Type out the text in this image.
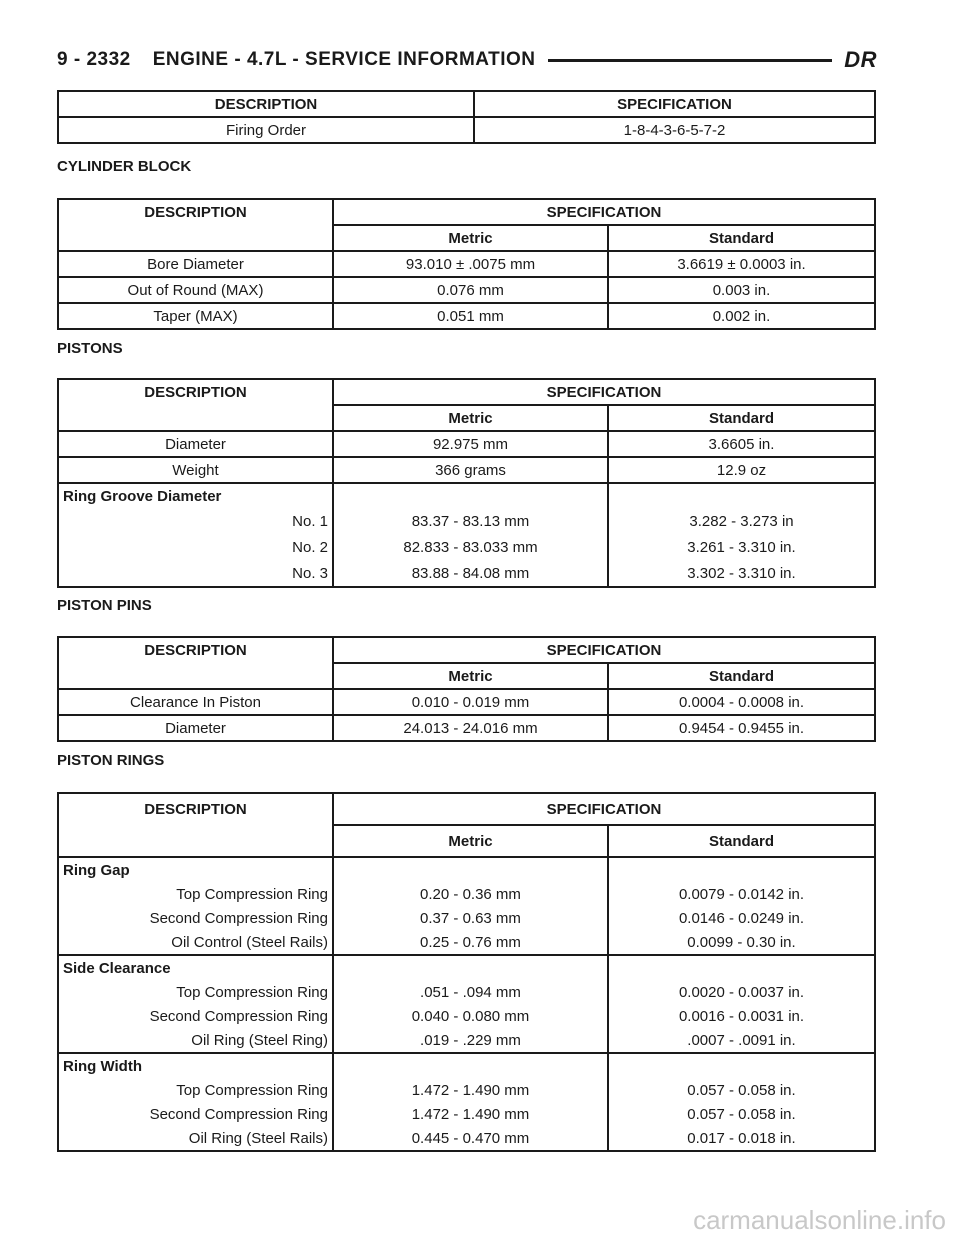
9 - 2332 ENGINE - 4.7L - SERVICE INFORMATION	DR
DESCRIPTION	SPECIFICATION
Firing Order	1-8-4-3-6-5-7-2
CYLINDER BLOCK
DESCRIPTION	SPECIFICATION	
	Metric	Standard
Bore Diameter	93.010 ± .0075 mm	3.6619 ± 0.0003 in.
Out of Round (MAX)	0.076 mm	0.003 in.
Taper (MAX)	0.051 mm	0.002 in.
PISTONS
DESCRIPTION	SPECIFICATION	
	Metric	Standard
Diameter	92.975 mm	3.6605 in.
Weight	366 grams	12.9 oz
Ring Groove Diameter		
No. 1	83.37 - 83.13 mm	3.282 - 3.273 in
No. 2	82.833 - 83.033 mm	3.261 - 3.310 in.
No. 3	83.88 - 84.08 mm	3.302 - 3.310 in.
PISTON PINS
DESCRIPTION	SPECIFICATION	
	Metric	Standard
Clearance In Piston	0.010 - 0.019 mm	0.0004 - 0.0008 in.
Diameter	24.013 - 24.016 mm	0.9454 - 0.9455 in.
PISTON RINGS
DESCRIPTION	SPECIFICATION	
	Metric	Standard
Ring Gap		
Top Compression Ring	0.20 - 0.36 mm	0.0079 - 0.0142 in.
Second Compression Ring	0.37 - 0.63 mm	0.0146 - 0.0249 in.
Oil Control (Steel Rails)	0.25 - 0.76 mm	0.0099 - 0.30 in.
Side Clearance		
Top Compression Ring	.051 - .094 mm	0.0020 - 0.0037 in.
Second Compression Ring	0.040 - 0.080 mm	0.0016 - 0.0031 in.
Oil Ring (Steel Ring)	.019 - .229 mm	.0007 - .0091 in.
Ring Width		
Top Compression Ring	1.472 - 1.490 mm	0.057 - 0.058 in.
Second Compression Ring	1.472 - 1.490 mm	0.057 - 0.058 in.
Oil Ring (Steel Rails)	0.445 - 0.470 mm	0.017 - 0.018 in.
carmanualsonline.info
